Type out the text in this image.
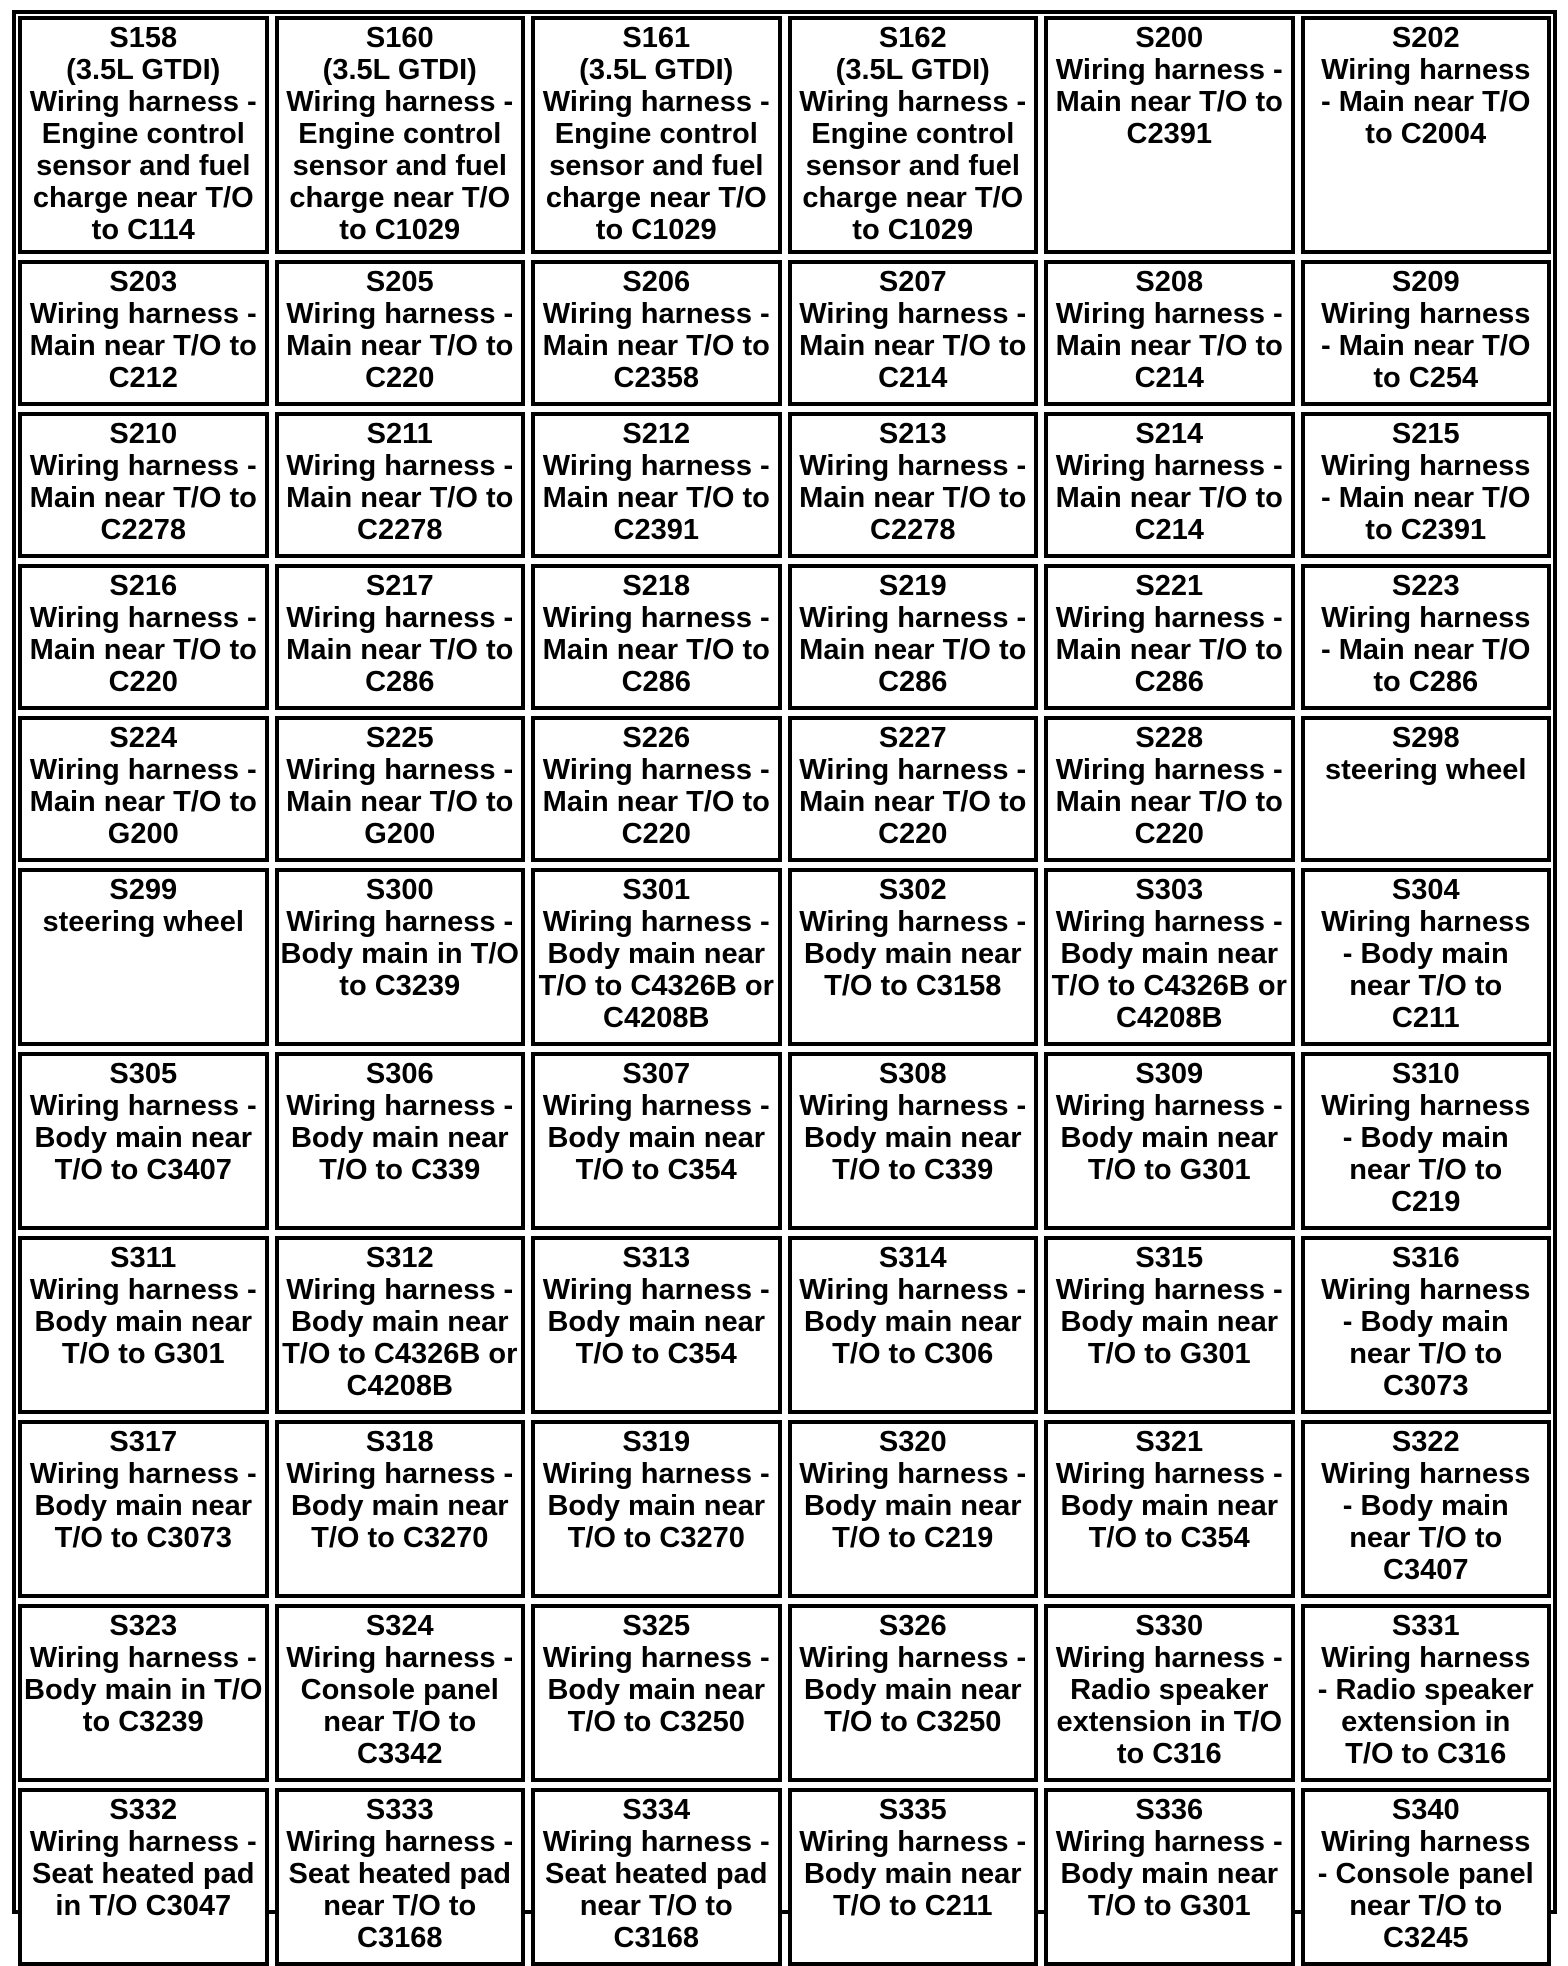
S158
(3.5L GTDI)
Wiring harness -
Engine control
sensor and fuel
charge near T/O
to C114
S160
(3.5L GTDI)
Wiring harness -
Engine control
sensor and fuel
charge near T/O
to C1029
S161
(3.5L GTDI)
Wiring harness -
Engine control
sensor and fuel
charge near T/O
to C1029
S162
(3.5L GTDI)
Wiring harness -
Engine control
sensor and fuel
charge near T/O
to C1029
S200
Wiring harness -
Main near T/O to
C2391
S202
Wiring harness
- Main near T/O
to C2004
S203
Wiring harness -
Main near T/O to
C212
S205
Wiring harness -
Main near T/O to
C220
S206
Wiring harness -
Main near T/O to
C2358
S207
Wiring harness -
Main near T/O to
C214
S208
Wiring harness -
Main near T/O to
C214
S209
Wiring harness
- Main near T/O
to C254
S210
Wiring harness -
Main near T/O to
C2278
S211
Wiring harness -
Main near T/O to
C2278
S212
Wiring harness -
Main near T/O to
C2391
S213
Wiring harness -
Main near T/O to
C2278
S214
Wiring harness -
Main near T/O to
C214
S215
Wiring harness
- Main near T/O
to C2391
S216
Wiring harness -
Main near T/O to
C220
S217
Wiring harness -
Main near T/O to
C286
S218
Wiring harness -
Main near T/O to
C286
S219
Wiring harness -
Main near T/O to
C286
S221
Wiring harness -
Main near T/O to
C286
S223
Wiring harness
- Main near T/O
to C286
S224
Wiring harness -
Main near T/O to
G200
S225
Wiring harness -
Main near T/O to
G200
S226
Wiring harness -
Main near T/O to
C220
S227
Wiring harness -
Main near T/O to
C220
S228
Wiring harness -
Main near T/O to
C220
S298
steering wheel
S299
steering wheel
S300
Wiring harness -
Body main in T/O
to C3239
S301
Wiring harness -
Body main near
T/O to C4326B or
C4208B
S302
Wiring harness -
Body main near
T/O to C3158
S303
Wiring harness -
Body main near
T/O to C4326B or
C4208B
S304
Wiring harness
- Body main
near T/O to
C211
S305
Wiring harness -
Body main near
T/O to C3407
S306
Wiring harness -
Body main near
T/O to C339
S307
Wiring harness -
Body main near
T/O to C354
S308
Wiring harness -
Body main near
T/O to C339
S309
Wiring harness -
Body main near
T/O to G301
S310
Wiring harness
- Body main
near T/O to
C219
S311
Wiring harness -
Body main near
T/O to G301
S312
Wiring harness -
Body main near
T/O to C4326B or
C4208B
S313
Wiring harness -
Body main near
T/O to C354
S314
Wiring harness -
Body main near
T/O to C306
S315
Wiring harness -
Body main near
T/O to G301
S316
Wiring harness
- Body main
near T/O to
C3073
S317
Wiring harness -
Body main near
T/O to C3073
S318
Wiring harness -
Body main near
T/O to C3270
S319
Wiring harness -
Body main near
T/O to C3270
S320
Wiring harness -
Body main near
T/O to C219
S321
Wiring harness -
Body main near
T/O to C354
S322
Wiring harness
- Body main
near T/O to
C3407
S323
Wiring harness -
Body main in T/O
to C3239
S324
Wiring harness -
Console panel
near T/O to C3342
S325
Wiring harness -
Body main near
T/O to C3250
S326
Wiring harness -
Body main near
T/O to C3250
S330
Wiring harness -
Radio speaker
extension in T/O
to C316
S331
Wiring harness
- Radio speaker
extension in
T/O to C316
S332
Wiring harness -
Seat heated pad
in T/O C3047
S333
Wiring harness -
Seat heated pad
near T/O to C3168
S334
Wiring harness -
Seat heated pad
near T/O to C3168
S335
Wiring harness -
Body main near
T/O to C211
S336
Wiring harness -
Body main near
T/O to G301
S340
Wiring harness
- Console panel
near T/O to
C3245
